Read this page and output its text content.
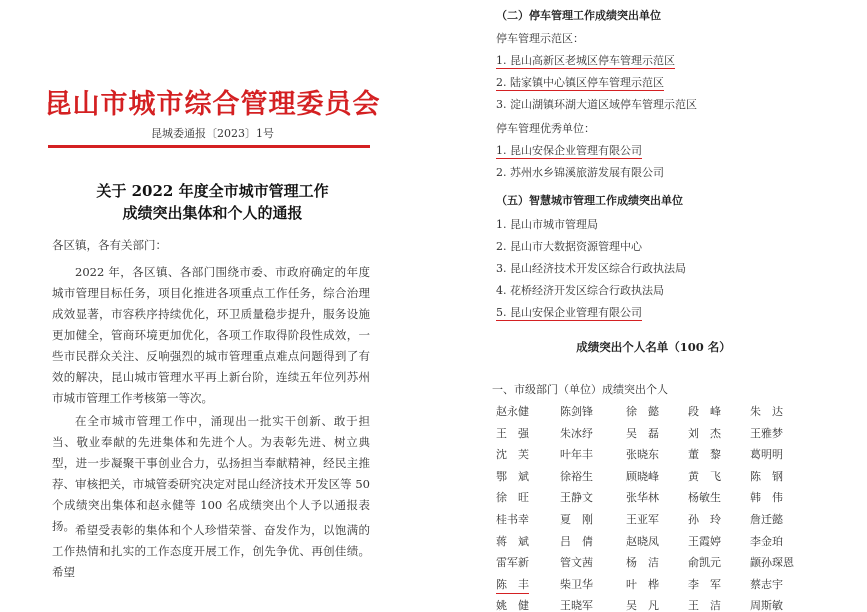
昆山市城市综合管理委员会
昆城委通报〔2023〕1号
关于 2022 年度全市城市管理工作
成绩突出集体和个人的通报
各区镇，各有关部门：
2022 年，各区镇、各部门围绕市委、市政府确定的年度城市管理目标任务，项目化推进各项重点工作任务，综合治理成效显著，市容秩序持续优化，环卫质量稳步提升，服务设施更加健全，管商环境更加优化，各项工作取得阶段性成效，一些市民群众关注、反响强烈的城市管理重点难点问题得到了有效的解决，昆山城市管理水平再上新台阶，连续五年位列苏州市城市管理工作考核第一等次。
在全市城市管理工作中，涌现出一批实干创新、敢于担当、敬业奉献的先进集体和先进个人。为表彰先进、树立典型，进一步凝聚干事创业合力，弘扬担当奉献精神，经民主推荐、审核把关，市城管委研究决定对昆山经济技术开发区等 50 个成绩突出集体和赵永健等 100 名成绩突出个人予以通报表扬。 希望受表彰的集体和个人珍惜荣誉、奋发作为，以饱满的工作热情和扎实的工作态度开展工作，创先争优、再创佳绩。希望
（二）停车管理工作成绩突出单位
停车管理示范区：
1. 昆山高新区老城区停车管理示范区
2. 陆家镇中心镇区停车管理示范区
3. 淀山湖镇环湖大道区域停车管理示范区
停车管理优秀单位：
1. 昆山安保企业管理有限公司
2. 苏州水乡锦溪旅游发展有限公司
（五）智慧城市管理工作成绩突出单位
1. 昆山市城市管理局
2. 昆山市大数据资源管理中心
3. 昆山经济技术开发区综合行政执法局
4. 花桥经济开发区综合行政执法局
5. 昆山安保企业管理有限公司
成绩突出个人名单（100 名）
一、市级部门（单位）成绩突出个人
赵永健	陈剑锋	徐　懿	段　峰	朱　达
王　强	朱冰纾	吴　磊	刘　杰	王雅梦
沈　芙	叶年丰	张晓东	董　黎	葛明明
鄂　斌	徐裕生	顾晓峰	黄　飞	陈　钢
徐　旺	王静文	张华林	杨敏生	韩　伟
桂书幸	夏　刚	王亚军	孙　玲	詹迁懿
蒋　斌	吕　倩	赵晓凤	王霞婷	李金珀
雷军新	管文茜	杨　洁	俞凯元	颛孙琛恩
陈　丰	柴卫华	叶　桦	李　军	蔡志宇
姚　健	王晓军	吴　凡	王　洁	周斯敏
